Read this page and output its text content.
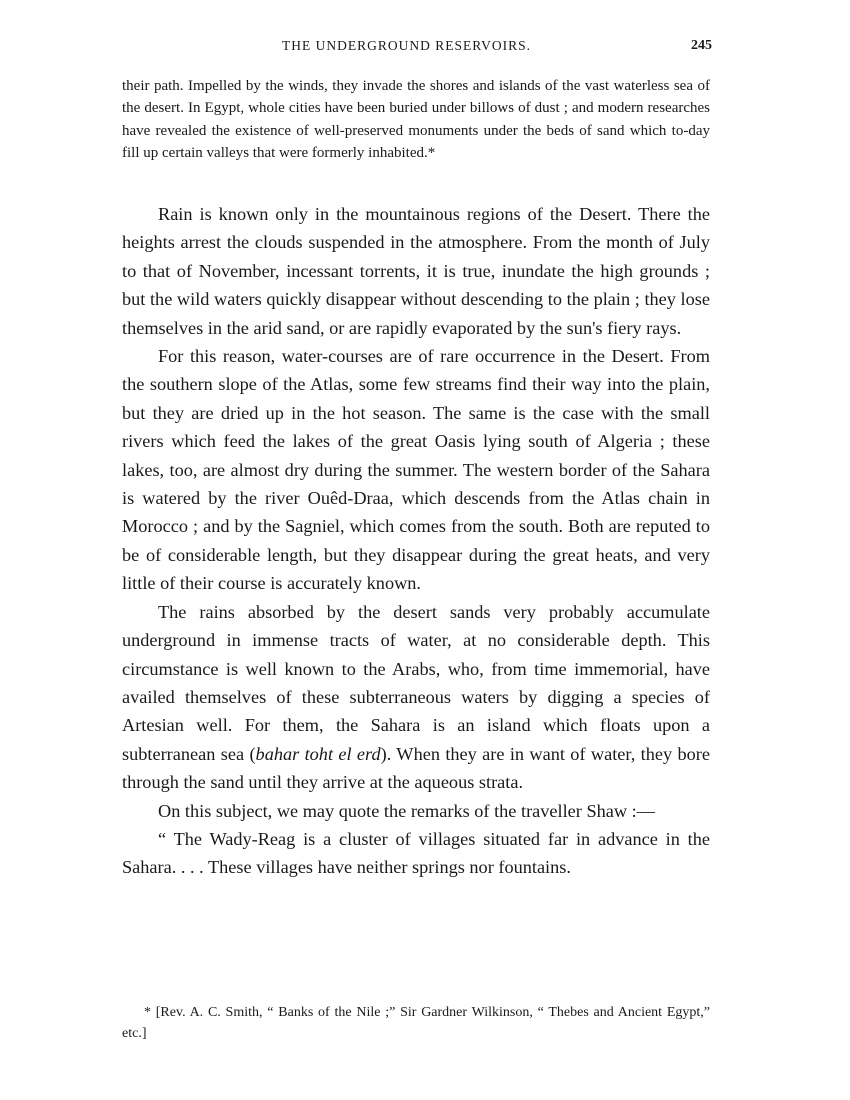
THE UNDERGROUND RESERVOIRS.	245
their path. Impelled by the winds, they invade the shores and islands of the vast waterless sea of the desert. In Egypt, whole cities have been buried under billows of dust ; and modern researches have revealed the existence of well-preserved monuments under the beds of sand which to-day fill up certain valleys that were formerly inhabited.*

Rain is known only in the mountainous regions of the Desert. There the heights arrest the clouds suspended in the atmosphere. From the month of July to that of November, incessant torrents, it is true, inundate the high grounds ; but the wild waters quickly disappear without descending to the plain ; they lose themselves in the arid sand, or are rapidly evaporated by the sun's fiery rays.

For this reason, water-courses are of rare occurrence in the Desert. From the southern slope of the Atlas, some few streams find their way into the plain, but they are dried up in the hot season. The same is the case with the small rivers which feed the lakes of the great Oasis lying south of Algeria ; these lakes, too, are almost dry during the summer. The western border of the Sahara is watered by the river Ouêd-Draa, which descends from the Atlas chain in Morocco ; and by the Sagniel, which comes from the south. Both are reputed to be of considerable length, but they disappear during the great heats, and very little of their course is accurately known.

The rains absorbed by the desert sands very probably accumulate underground in immense tracts of water, at no considerable depth. This circumstance is well known to the Arabs, who, from time immemorial, have availed themselves of these subterraneous waters by digging a species of Artesian well. For them, the Sahara is an island which floats upon a subterranean sea (bahar toht el erd). When they are in want of water, they bore through the sand until they arrive at the aqueous strata.

On this subject, we may quote the remarks of the traveller Shaw :—

“ The Wady-Reag is a cluster of villages situated far in advance in the Sahara. . . . These villages have neither springs nor fountains.

* [Rev. A. C. Smith, “ Banks of the Nile ;” Sir Gardner Wilkinson, “ Thebes and Ancient Egypt,” etc.]
